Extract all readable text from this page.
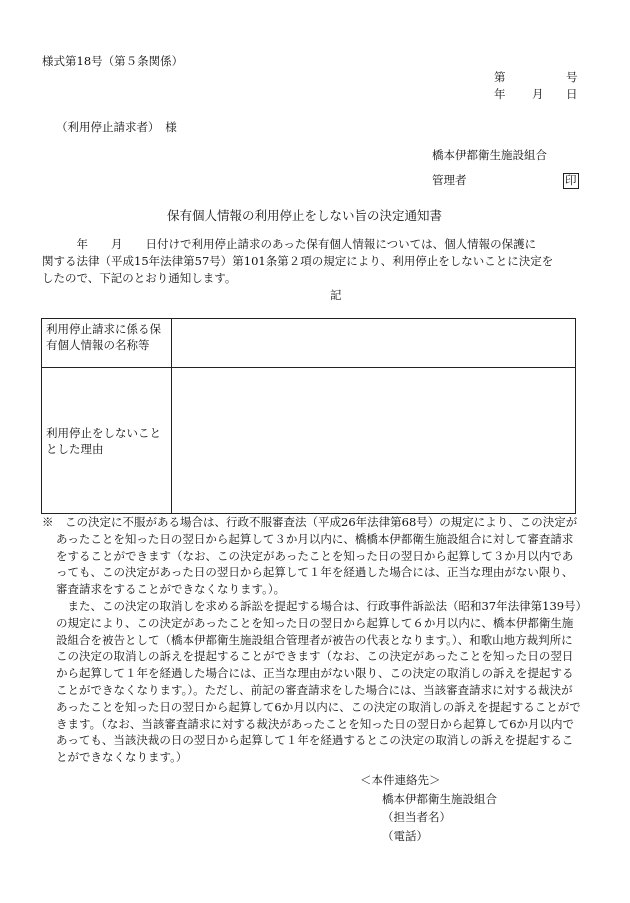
様式第18号（第５条関係）
第	号
年 月 日
（利用停止請求者）　様
橋本伊都衛生施設組合
管理者	印
保有個人情報の利用停止をしない旨の決定通知書
　　　年　　月　　日付けで利用停止請求のあった保有個人情報については、個人情報の保護に
関する法律（平成15年法律第57号）第101条第２項の規定により、利用停止をしないことに決定を
したので、下記のとおり通知します。
記
利用停止請求に係る保有個人情報の名称等	
利用停止をしないこととした理由	

※　この決定に不服がある場合は、行政不服審査法（平成26年法律第68号）の規定により、この決定があったことを知った日の翌日から起算して３か月以内に、橋橋本伊都衛生施設組合に対して審査請求をすることができます（なお、この決定があったことを知った日の翌日から起算して３か月以内であっても、この決定があった日の翌日から起算して１年を経過した場合には、正当な理由がない限り、審査請求をすることができなくなります。）。

　また、この決定の取消しを求める訴訟を提起する場合は、行政事件訴訟法（昭和37年法律第139号）の規定により、この決定があったことを知った日の翌日から起算して６か月以内に、橋本伊都衛生施設組合を被告として（橋本伊都衛生施設組合管理者が被告の代表となります。）、和歌山地方裁判所にこの決定の取消しの訴えを提起することができます（なお、この決定があったことを知った日の翌日から起算して１年を経過した場合には、正当な理由がない限り、この決定の取消しの訴えを提起することができなくなります。）。ただし、前記の審査請求をした場合には、当該審査請求に対する裁決があったことを知った日の翌日から起算して6か月以内に、この決定の取消しの訴えを提起することができます。（なお、当該審査請求に対する裁決があったことを知った日の翌日から起算して6か月以内であっても、当該決裁の日の翌日から起算して１年を経過するとこの決定の取消しの訴えを提起することができなくなります。）

＜本件連絡先＞
橋本伊都衛生施設組合
（担当者名）
（電話）
